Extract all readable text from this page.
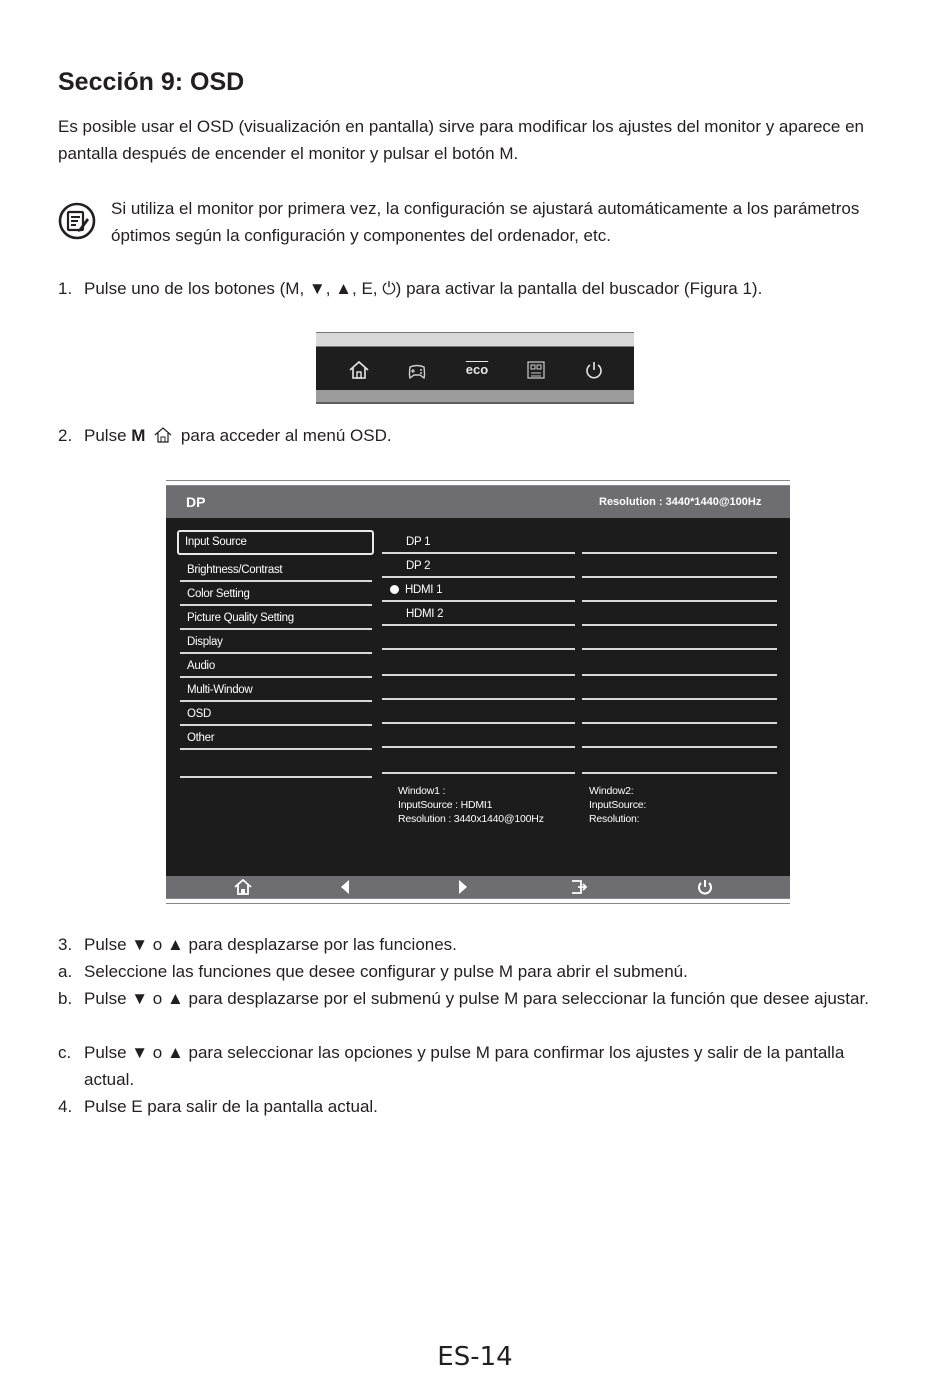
Sección 9: OSD
Es posible usar el OSD (visualización en pantalla) sirve para modificar los ajustes del monitor y aparece en pantalla después de encender el monitor y pulsar el botón M.
Si utiliza el monitor por primera vez, la configuración se ajustará automáticamente a los parámetros óptimos según la configuración y componentes del ordenador, etc.
1. Pulse uno de los botones (M, ▼, ▲, E, ⏻) para activar la pantalla del buscador (Figura 1).
$\overline{eco}$
2. Pulse M para acceder al menú OSD.
DP	Resolution : 3440*1440@100Hz
Input Source
Brightness/Contrast
Color Setting
Picture Quality Setting
Display
Audio
Multi-Window
OSD
Other
DP 1
DP 2
HDMI 1
HDMI 2
Window1 :
InputSource : HDMI1
Resolution : 3440x1440@100Hz
Window2:
InputSource:
Resolution:
3. Pulse ▼ o ▲ para desplazarse por las funciones.
a. Seleccione las funciones que desee configurar y pulse M para abrir el submenú.
b. Pulse ▼ o ▲ para desplazarse por el submenú y pulse M para seleccionar la función que desee ajustar.
c. Pulse ▼ o ▲ para seleccionar las opciones y pulse M para confirmar los ajustes y salir de la pantalla actual.
4. Pulse E para salir de la pantalla actual.
ES-14
